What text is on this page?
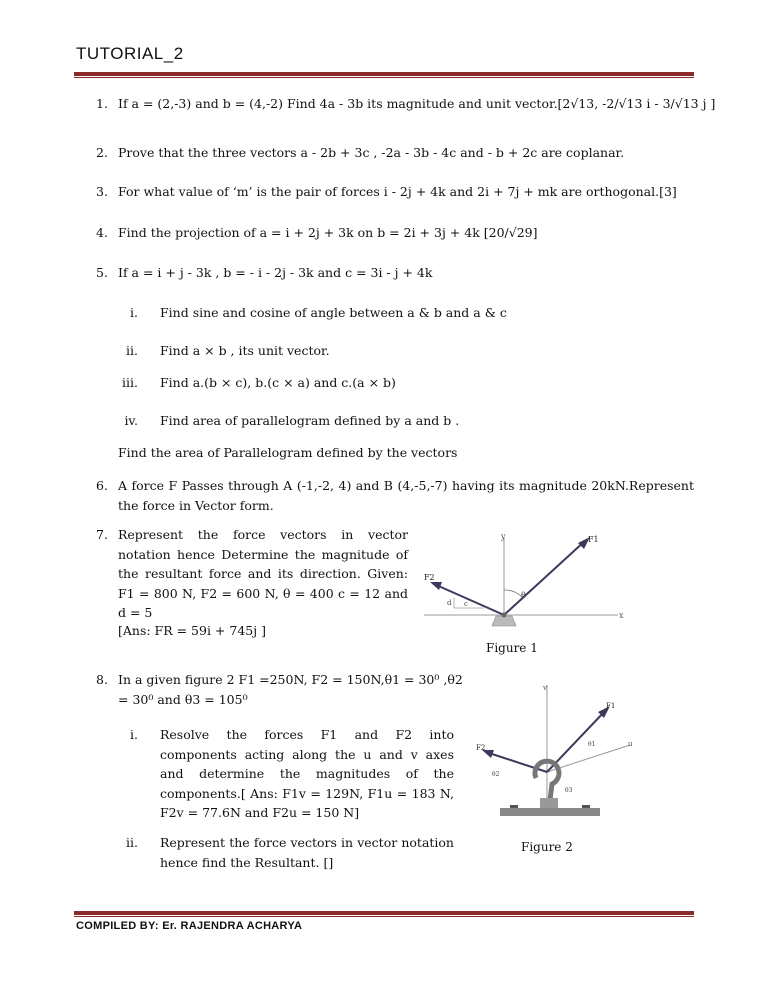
TUTORIAL_2
1. If a = (2,-3) and b = (4,-2) Find 4a - 3b its magnitude and unit vector.[2√13, -2/√13 i - 3/√13 j ]
2. Prove that the three vectors a - 2b + 3c , -2a - 3b - 4c and - b + 2c are coplanar.
3. For what value of ‘m’ is the pair of forces i - 2j + 4k and 2i + 7j + mk are orthogonal.[3]
4. Find the projection of a = i + 2j + 3k on b = 2i + 3j + 4k [20/√29]
5. If a = i + j - 3k , b = - i - 2j - 3k and c = 3i - j + 4k
i. Find sine and cosine of angle between a & b and a & c
ii. Find a × b , its unit vector.
iii. Find a.(b × c), b.(c × a) and c.(a × b)
iv. Find area of parallelogram defined by a and b .
Find the area of Parallelogram defined by the vectors
6. A force F Passes through A (-1,-2, 4) and B (4,-5,-7) having its magnitude 20kN.Represent the force in Vector form.
7. Represent the force vectors in vector notation hence Determine the magnitude of the resultant force and its direction. Given: F1 = 800 N, F2 = 600 N, θ = 400 c = 12 and d = 5
[Ans: FR = 59i + 745j ]
y
x
F1
F2
θ
c
d
Figure 1
8. In a given figure 2 F1 =250N, F2 = 150N,θ1 = 30⁰ ,θ2 = 30⁰ and θ3 = 105⁰
i. Resolve the forces F1 and F2 into components acting along the u and v axes and determine the magnitudes of the components.[ Ans: F1v = 129N, F1u = 183 N, F2v = 77.6N and F2u = 150 N]
ii. Represent the force vectors in vector notation hence find the Resultant. []
v
u
F1
F2	θ1
θ2
θ3
Figure 2
COMPILED BY: Er. RAJENDRA ACHARYA
